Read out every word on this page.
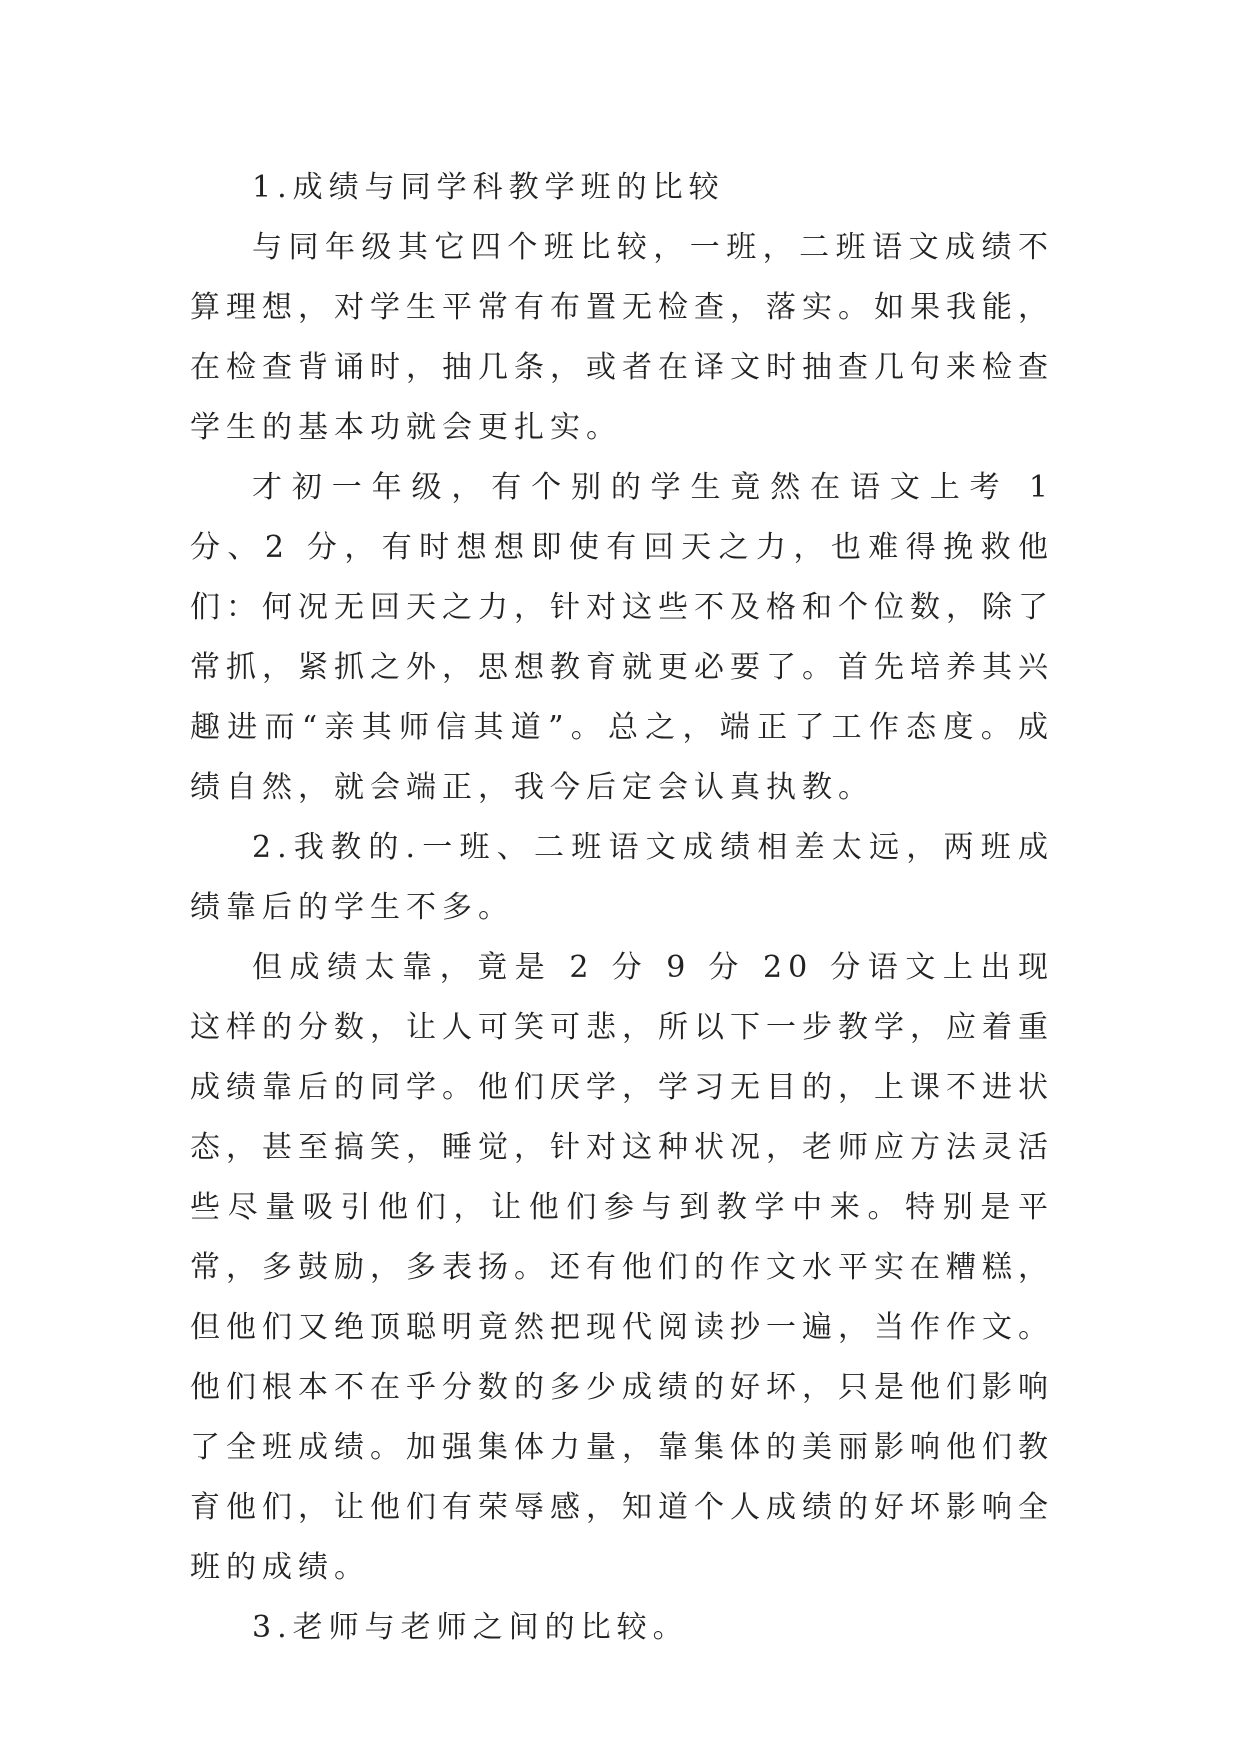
1.成绩与同学科教学班的比较

与同年级其它四个班比较，一班，二班语文成绩不算理想，对学生平常有布置无检查，落实。如果我能，在检查背诵时，抽几条，或者在译文时抽查几句来检查学生的基本功就会更扎实。

才初一年级，有个别的学生竟然在语文上考 1 分、2 分，有时想想即使有回天之力，也难得挽救他们：何况无回天之力，针对这些不及格和个位数，除了常抓，紧抓之外，思想教育就更必要了。首先培养其兴趣进而“亲其师信其道”。总之，端正了工作态度。成绩自然，就会端正，我今后定会认真执教。

2.我教的.一班、二班语文成绩相差太远，两班成绩靠后的学生不多。

但成绩太靠，竟是 2 分 9 分 20 分语文上出现这样的分数，让人可笑可悲，所以下一步教学，应着重成绩靠后的同学。他们厌学，学习无目的，上课不进状态，甚至搞笑，睡觉，针对这种状况，老师应方法灵活些尽量吸引他们，让他们参与到教学中来。特别是平常，多鼓励，多表扬。还有他们的作文水平实在糟糕，但他们又绝顶聪明竟然把现代阅读抄一遍，当作作文。他们根本不在乎分数的多少成绩的好坏，只是他们影响了全班成绩。加强集体力量，靠集体的美丽影响他们教育他们，让他们有荣辱感，知道个人成绩的好坏影响全班的成绩。

3.老师与老师之间的比较。
